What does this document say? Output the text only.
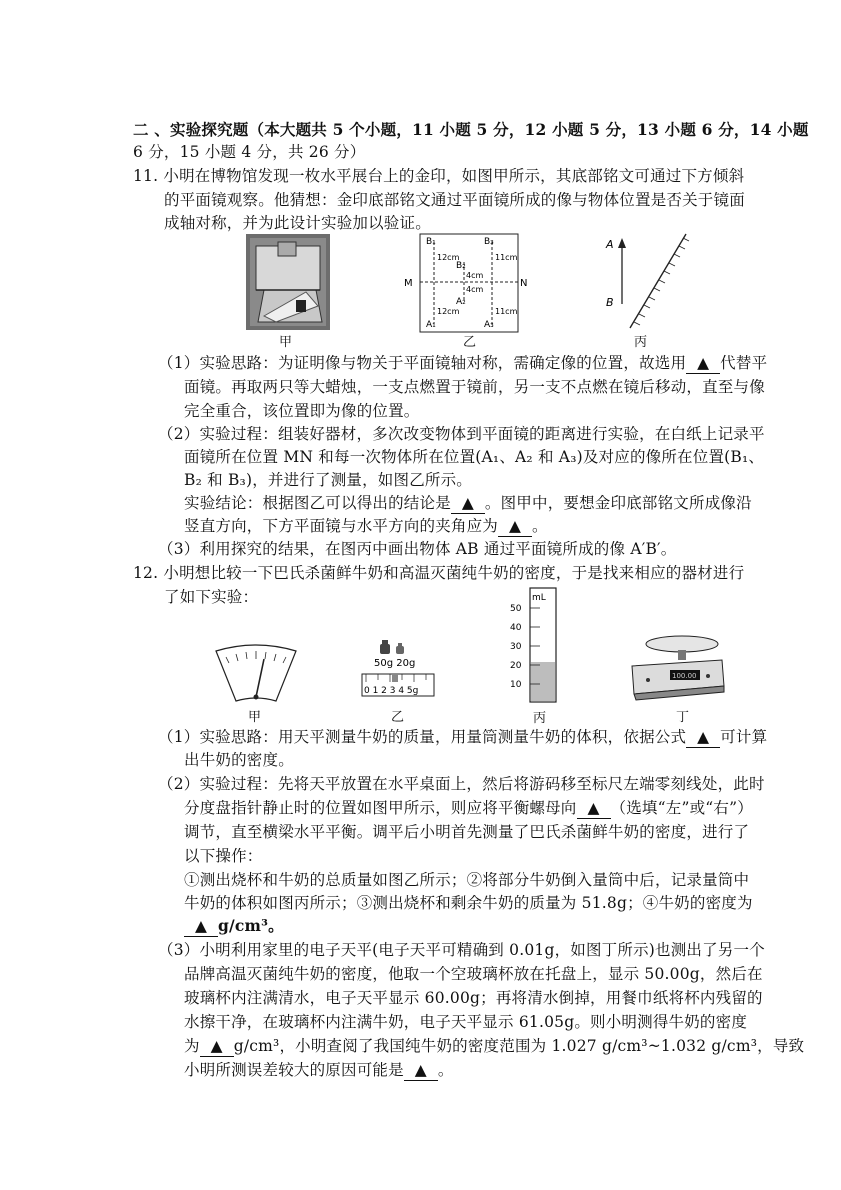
二 、实验探究题（本大题共 5 个小题，11 小题 5 分，12 小题 5 分，13 小题 6 分，14 小题
6 分，15 小题 4 分，共 26 分）
11. 小明在博物馆发现一枚水平展台上的金印，如图甲所示，其底部铭文可通过下方倾斜
的平面镜观察。他猜想：金印底部铭文通过平面镜所成的像与物体位置是否关于镜面
成轴对称，并为此设计实验加以验证。
甲
B₁
A₁
B₂
A₂
B₃
A₃
M	N
12cm
12cm
4cm
4cm
11cm
11cm
乙
A
B
丙
（1）实验思路：为证明像与物关于平面镜轴对称，需确定像的位置，故选用 ▲ 代替平
面镜。再取两只等大蜡烛，一支点燃置于镜前，另一支不点燃在镜后移动，直至与像
完全重合，该位置即为像的位置。
（2）实验过程：组装好器材，多次改变物体到平面镜的距离进行实验，在白纸上记录平
面镜所在位置 MN 和每一次物体所在位置(A₁、A₂ 和 A₃)及对应的像所在位置(B₁、
B₂ 和 B₃)，并进行了测量，如图乙所示。
实验结论：根据图乙可以得出的结论是 ▲ 。图甲中，要想金印底部铭文所成像沿
竖直方向，下方平面镜与水平方向的夹角应为 ▲ 。
（3）利用探究的结果，在图丙中画出物体 AB 通过平面镜所成的像 A′B′。
12. 小明想比较一下巴氏杀菌鲜牛奶和高温灭菌纯牛奶的密度，于是找来相应的器材进行
了如下实验：
甲
50g 20g
0 1 2 3 4 5g
乙
mL
50
40
30
20
10
丙
100.00
丁
（1）实验思路：用天平测量牛奶的质量，用量筒测量牛奶的体积，依据公式 ▲ 可计算
出牛奶的密度。
（2）实验过程：先将天平放置在水平桌面上，然后将游码移至标尺左端零刻线处，此时
分度盘指针静止时的位置如图甲所示，则应将平衡螺母向 ▲ （选填“左”或“右”）
调节，直至横梁水平平衡。调平后小明首先测量了巴氏杀菌鲜牛奶的密度，进行了
以下操作：
①测出烧杯和牛奶的总质量如图乙所示；②将部分牛奶倒入量筒中后，记录量筒中
牛奶的体积如图丙所示；③测出烧杯和剩余牛奶的质量为 51.8g；④牛奶的密度为
▲ g/cm³。
（3）小明利用家里的电子天平(电子天平可精确到 0.01g，如图丁所示)也测出了另一个
品牌高温灭菌纯牛奶的密度，他取一个空玻璃杯放在托盘上，显示 50.00g，然后在
玻璃杯内注满清水，电子天平显示 60.00g；再将清水倒掉，用餐巾纸将杯内残留的
水擦干净，在玻璃杯内注满牛奶，电子天平显示 61.05g。则小明测得牛奶的密度
为 ▲ g/cm³，小明查阅了我国纯牛奶的密度范围为 1.027 g/cm³~1.032 g/cm³，导致
小明所测误差较大的原因可能是 ▲ 。
